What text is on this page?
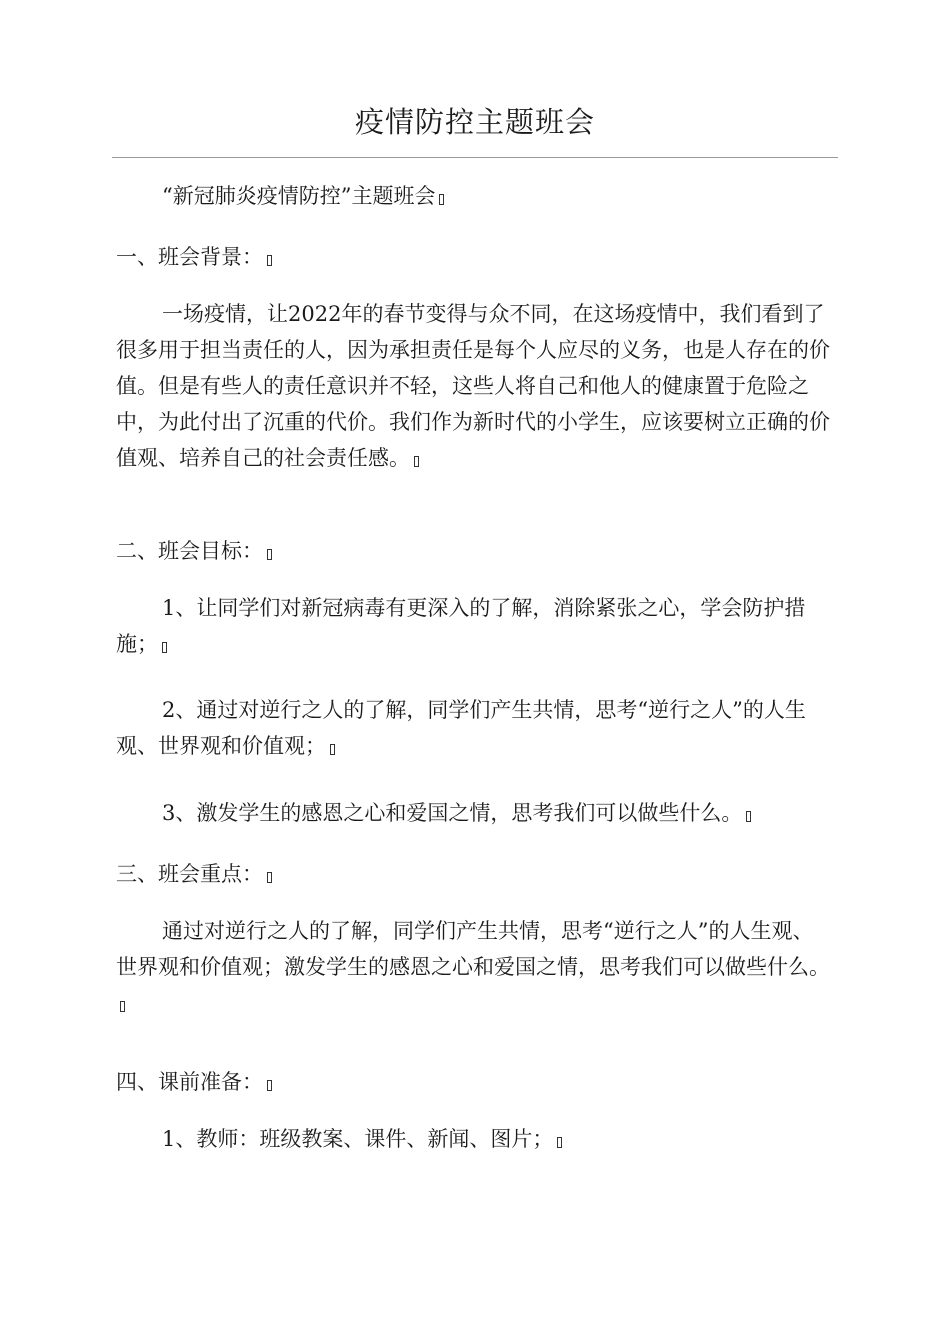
疫情防控主题班会

“新冠肺炎疫情防控”主题班会

一、班会背景：

一场疫情，让2022年的春节变得与众不同，在这场疫情中，我们看到了很多用于担当责任的人，因为承担责任是每个人应尽的义务，也是人存在的价值。但是有些人的责任意识并不轻，这些人将自己和他人的健康置于危险之中，为此付出了沉重的代价。我们作为新时代的小学生，应该要树立正确的价值观、培养自己的社会责任感。

二、班会目标：

1、让同学们对新冠病毒有更深入的了解，消除紧张之心，学会防护措施；

2、通过对逆行之人的了解，同学们产生共情，思考“逆行之人”的人生观、世界观和价值观；

3、激发学生的感恩之心和爱国之情，思考我们可以做些什么。

三、班会重点：

通过对逆行之人的了解，同学们产生共情，思考“逆行之人”的人生观、世界观和价值观；激发学生的感恩之心和爱国之情，思考我们可以做些什么。

四、课前准备：

1、教师：班级教案、课件、新闻、图片；
